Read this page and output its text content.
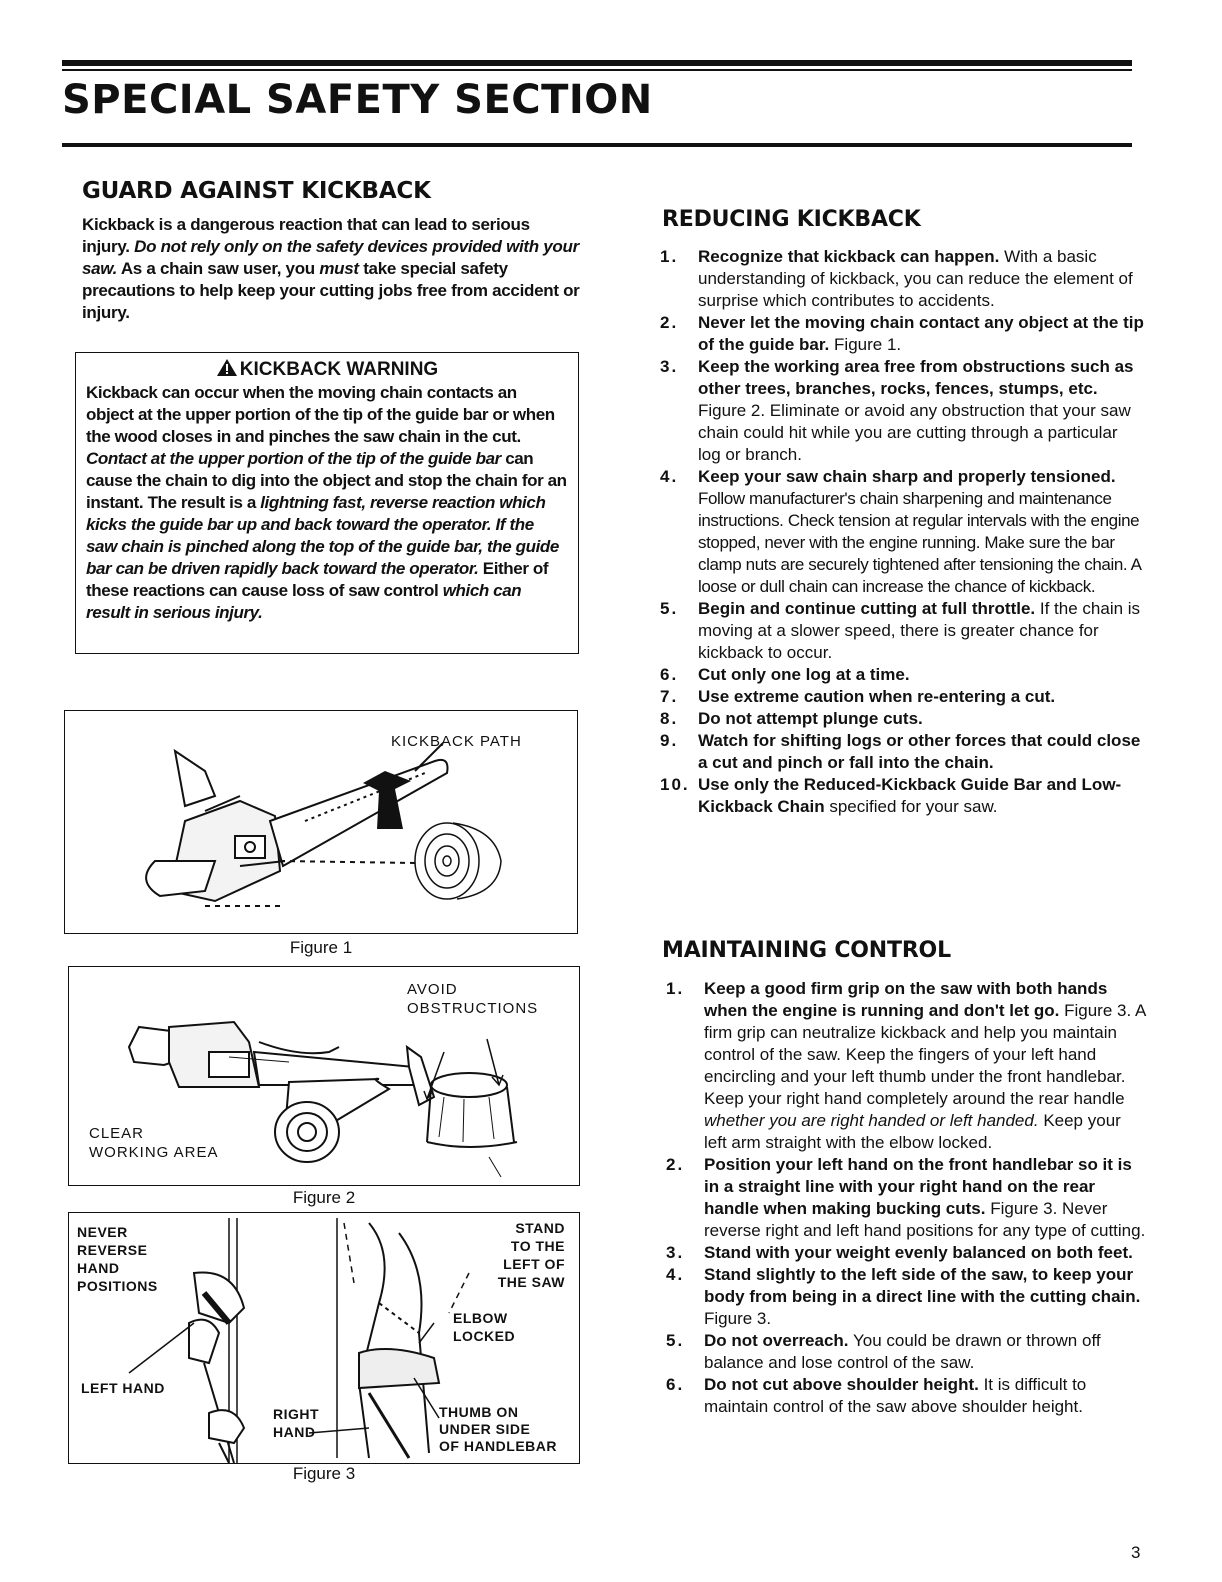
SPECIAL SAFETY SECTION
GUARD AGAINST KICKBACK
Kickback is a dangerous reaction that can lead to serious injury. Do not rely only on the safety devices provided with your saw. As a chain saw user, you must take special safety precautions to help keep your cutting jobs free from accident or injury.
KICKBACK WARNING
Kickback can occur when the moving chain contacts an object at the upper portion of the tip of the guide bar or when the wood closes in and pinches the saw chain in the cut. Contact at the upper portion of the tip of the guide bar can cause the chain to dig into the object and stop the chain for an instant. The result is a lightning fast, reverse reaction which kicks the guide bar up and back toward the operator. If the saw chain is pinched along the top of the guide bar, the guide bar can be driven rapidly back toward the operator. Either of these reactions can cause loss of saw control which can result in serious injury.
KICKBACK PATH
Figure 1
AVOID
OBSTRUCTIONS
CLEAR
WORKING AREA
Figure 2
NEVER
REVERSE
HAND
POSITIONS
LEFT HAND
RIGHT
HAND
STAND
TO THE
LEFT OF
THE SAW
ELBOW
LOCKED
THUMB ON
UNDER SIDE
OF HANDLEBAR
Figure 3
REDUCING KICKBACK
1.	Recognize that kickback can happen. With a basic understanding of kickback, you can reduce the element of surprise which contributes to accidents.
2.	Never let the moving chain contact any object at the tip of the guide bar. Figure 1.
3.	Keep the working area free from obstructions such as other trees, branches, rocks, fences, stumps, etc. Figure 2. Eliminate or avoid any obstruction that your saw chain could hit while you are cutting through a particular log or branch.
4.	Keep your saw chain sharp and properly tensioned. Follow manufacturer's chain sharpening and maintenance instructions. Check tension at regular intervals with the engine stopped, never with the engine running. Make sure the bar clamp nuts are securely tightened after tensioning the chain. A loose or dull chain can increase the chance of kickback.
5.	Begin and continue cutting at full throttle. If the chain is moving at a slower speed, there is greater chance for kickback to occur.
6.	Cut only one log at a time.
7.	Use extreme caution when re-entering a cut.
8.	Do not attempt plunge cuts.
9.	Watch for shifting logs or other forces that could close a cut and pinch or fall into the chain.
10. Use only the Reduced-Kickback Guide Bar and Low-Kickback Chain specified for your saw.
MAINTAINING CONTROL
1.	Keep a good firm grip on the saw with both hands when the engine is running and don't let go. Figure 3. A firm grip can neutralize kickback and help you maintain control of the saw. Keep the fingers of your left hand encircling and your left thumb under the front handlebar. Keep your right hand completely around the rear handle whether you are right handed or left handed. Keep your left arm straight with the elbow locked.
2.	Position your left hand on the front handlebar so it is in a straight line with your right hand on the rear handle when making bucking cuts. Figure 3. Never reverse right and left hand positions for any type of cutting.
3.	Stand with your weight evenly balanced on both feet.
4.	Stand slightly to the left side of the saw, to keep your body from being in a direct line with the cutting chain. Figure 3.
5.	Do not overreach. You could be drawn or thrown off balance and lose control of the saw.
6.	Do not cut above shoulder height. It is difficult to maintain control of the saw above shoulder height.
3
